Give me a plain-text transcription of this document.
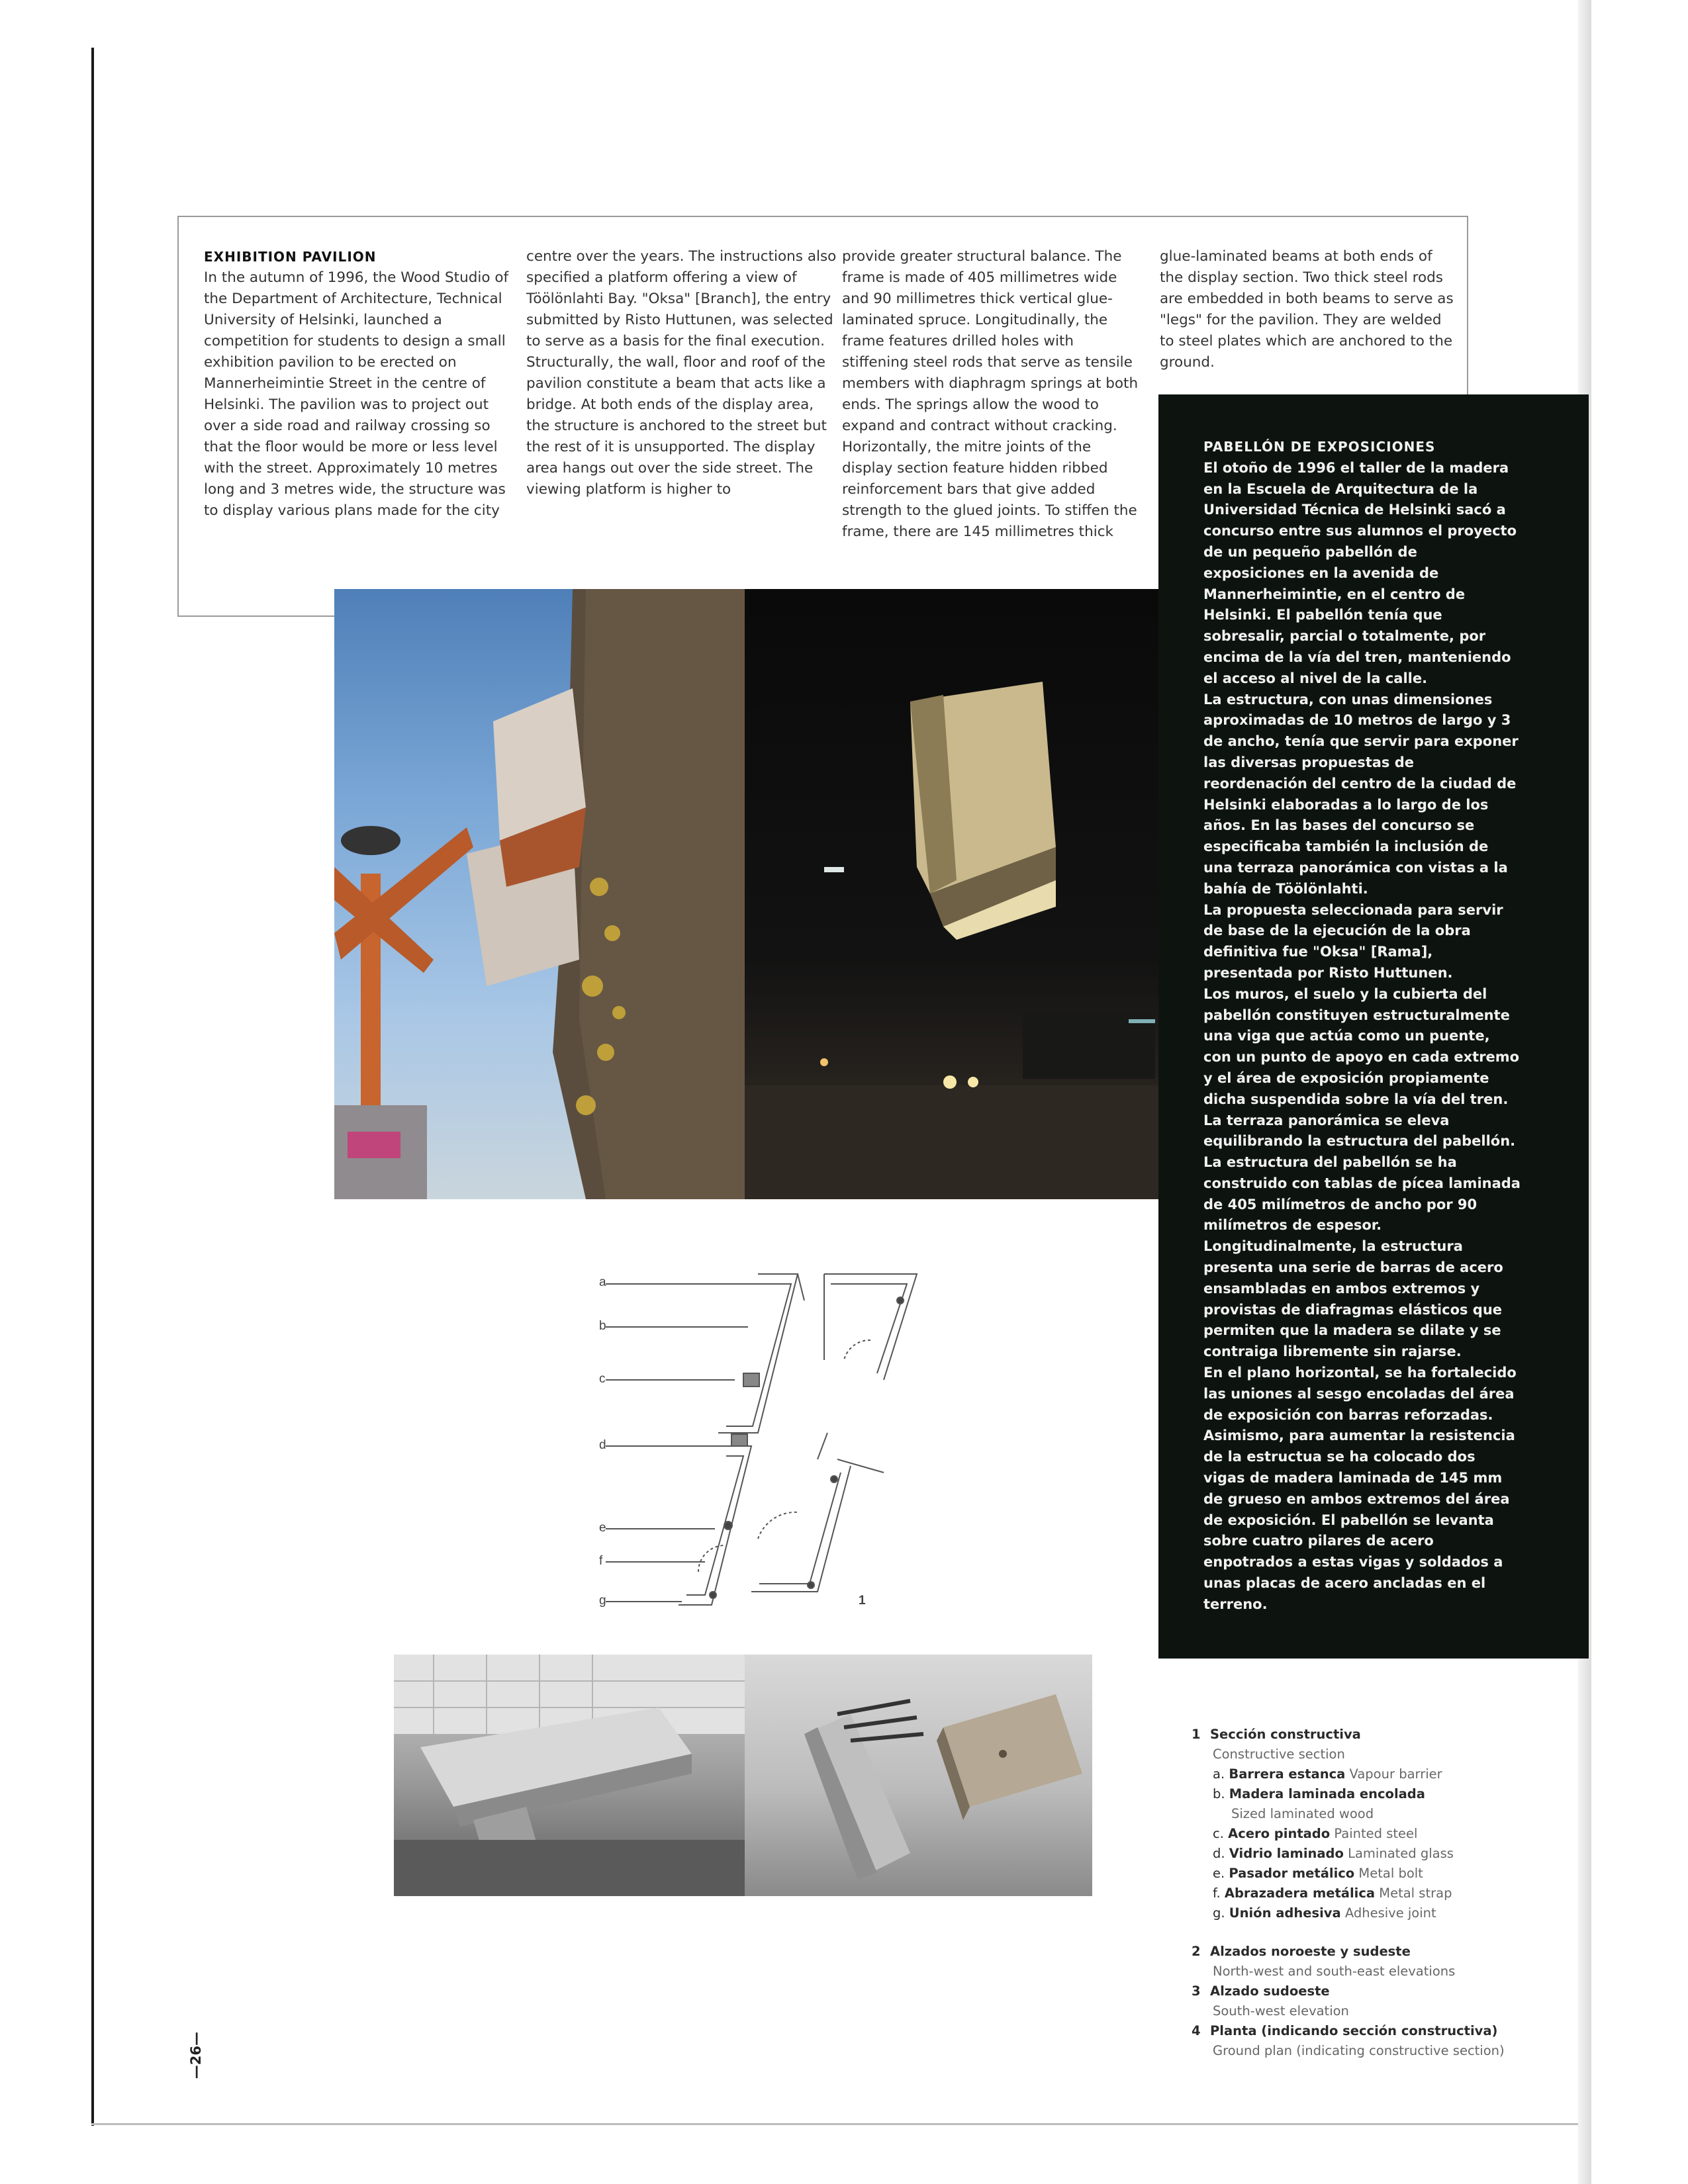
EXHIBITION PAVILION

In the autumn of 1996, the Wood Studio of the Department of Architecture, Technical University of Helsinki, launched a competition for students to design a small exhibition pavilion to be erected on Mannerheimintie Street in the centre of Helsinki. The pavilion was to project out over a side road and railway crossing so that the floor would be more or less level with the street. Approximately 10 metres long and 3 metres wide, the structure was to display various plans made for the city

centre over the years. The instructions also specified a platform offering a view of Töölönlahti Bay. "Oksa" [Branch], the entry submitted by Risto Huttunen, was selected to serve as a basis for the final execution.

Structurally, the wall, floor and roof of the pavilion constitute a beam that acts like a bridge. At both ends of the display area, the structure is anchored to the street but the rest of it is unsupported. The display area hangs out over the side street. The viewing platform is higher to

provide greater structural balance. The frame is made of 405 millimetres wide and 90 millimetres thick vertical glue-laminated spruce. Longitudinally, the frame features drilled holes with stiffening steel rods that serve as tensile members with diaphragm springs at both ends. The springs allow the wood to expand and contract without cracking. Horizontally, the mitre joints of the display section feature hidden ribbed reinforcement bars that give added strength to the glued joints. To stiffen the frame, there are 145 millimetres thick

glue-laminated beams at both ends of the display section. Two thick steel rods are embedded in both beams to serve as "legs" for the pavilion. They are welded to steel plates which are anchored to the ground.

PABELLÓN DE EXPOSICIONES

El otoño de 1996 el taller de la madera en la Escuela de Arquitectura de la Universidad Técnica de Helsinki sacó a concurso entre sus alumnos el proyecto de un pequeño pabellón de exposiciones en la avenida de Mannerheimintie, en el centro de Helsinki. El pabellón tenía que sobresalir, parcial o totalmente, por encima de la vía del tren, manteniendo el acceso al nivel de la calle.

La estructura, con unas dimensiones aproximadas de 10 metros de largo y 3 de ancho, tenía que servir para exponer las diversas propuestas de reordenación del centro de la ciudad de Helsinki elaboradas a lo largo de los años. En las bases del concurso se especificaba también la inclusión de una terraza panorámica con vistas a la bahía de Töölönlahti.

La propuesta seleccionada para servir de base de la ejecución de la obra definitiva fue "Oksa" [Rama], presentada por Risto Huttunen.

Los muros, el suelo y la cubierta del pabellón constituyen estructuralmente una viga que actúa como un puente, con un punto de apoyo en cada extremo y el área de exposición propiamente dicha suspendida sobre la vía del tren. La terraza panorámica se eleva equilibrando la estructura del pabellón.

La estructura del pabellón se ha construido con tablas de pícea laminada de 405 milímetros de ancho por 90 milímetros de espesor. Longitudinalmente, la estructura presenta una serie de barras de acero ensambladas en ambos extremos y provistas de diafragmas elásticos que permiten que la madera se dilate y se contraiga libremente sin rajarse.

En el plano horizontal, se ha fortalecido las uniones al sesgo encoladas del área de exposición con barras reforzadas. Asimismo, para aumentar la resistencia de la estructua se ha colocado dos vigas de madera laminada de 145 mm de grueso en ambos extremos del área de exposición. El pabellón se levanta sobre cuatro pilares de acero enpotrados a estas vigas y soldados a unas placas de acero ancladas en el terreno.

a
b
c
d
e
f
g	1
1 Sección constructiva
Constructive section
a. Barrera estanca Vapour barrier
b. Madera laminada encolada
Sized laminated wood
c. Acero pintado Painted steel
d. Vidrio laminado Laminated glass
e. Pasador metálico Metal bolt
f. Abrazadera metálica Metal strap
g. Unión adhesiva Adhesive joint
2 Alzados noroeste y sudeste
North-west and south-east elevations
3 Alzado sudoeste
South-west elevation
4 Planta (indicando sección constructiva)
Ground plan (indicating constructive section)
—26—
